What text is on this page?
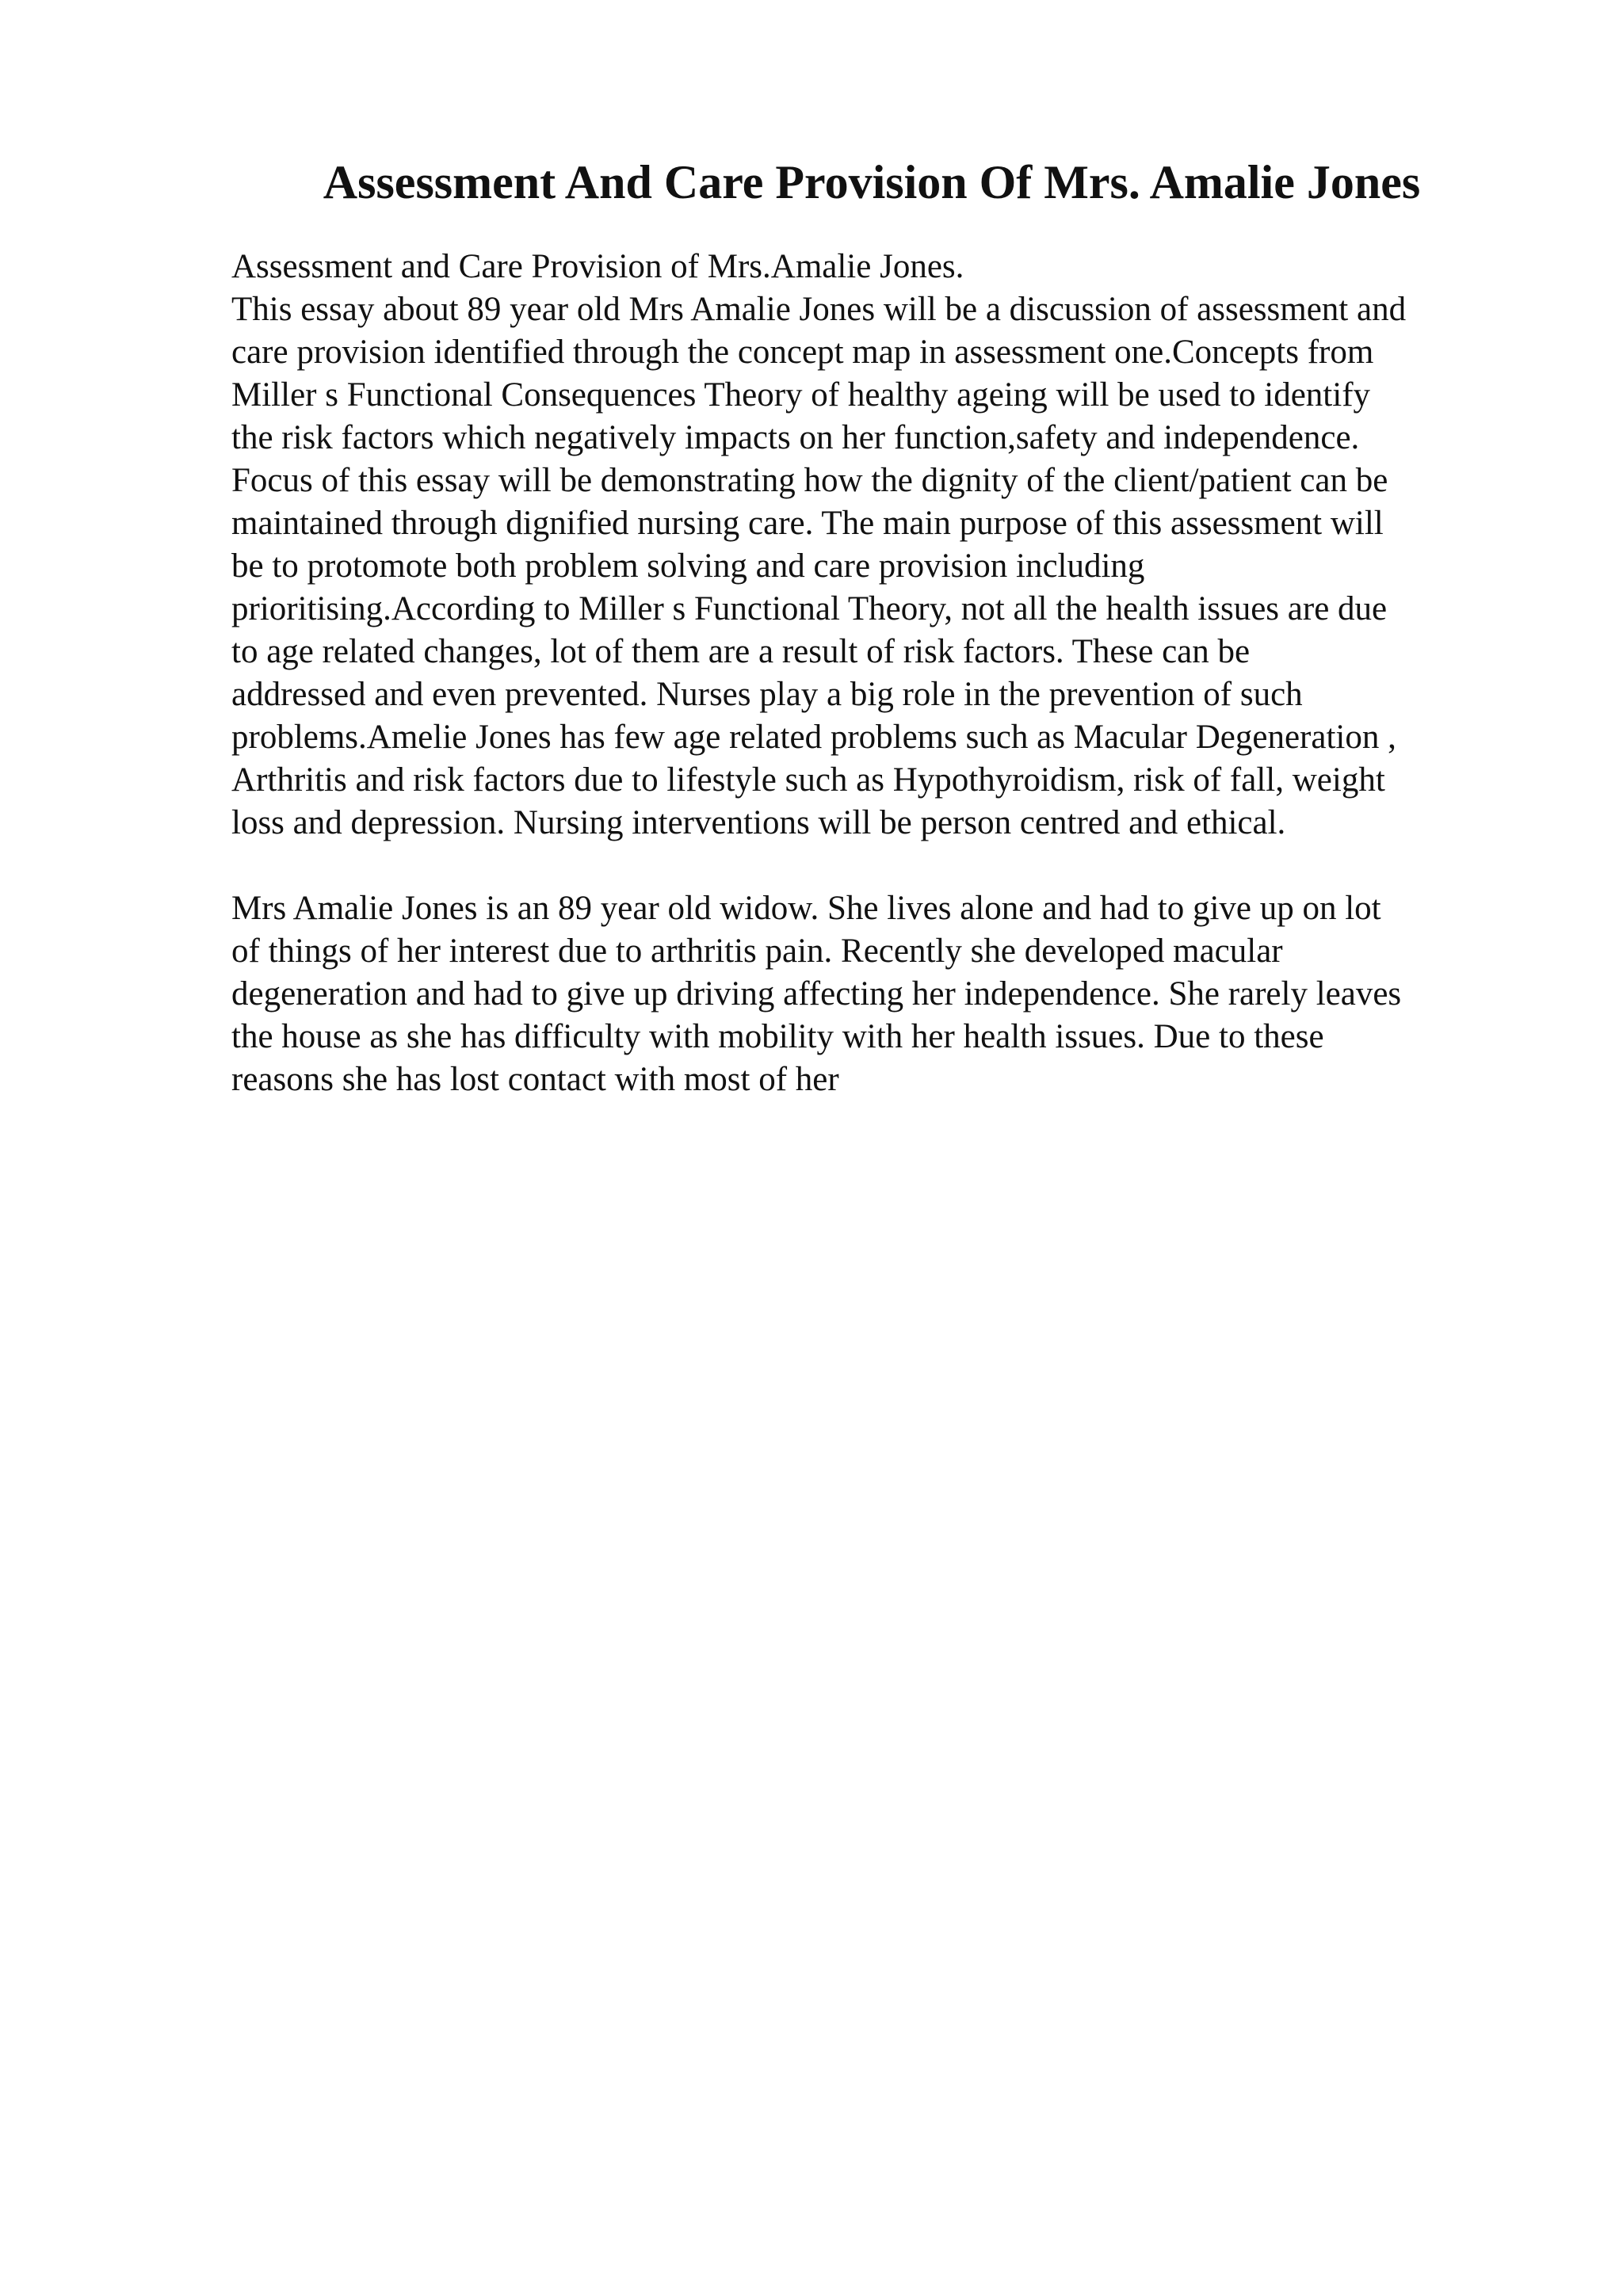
Assessment And Care Provision Of Mrs. Amalie Jones
Assessment and Care Provision of Mrs.Amalie Jones.
This essay about 89 year old Mrs Amalie Jones will be a discussion of assessment and
care provision identified through the concept map in assessment one.Concepts from
Miller s Functional Consequences Theory of healthy ageing will be used to identify
the risk factors which negatively impacts on her function,safety and independence.
Focus of this essay will be demonstrating how the dignity of the client/patient can be
maintained through dignified nursing care. The main purpose of this assessment will
be to protomote both problem solving and care provision including
prioritising.According to Miller s Functional Theory, not all the health issues are due
to age related changes, lot of them are a result of risk factors. These can be
addressed and even prevented. Nurses play a big role in the prevention of such
problems.Amelie Jones has few age related problems such as Macular Degeneration ,
Arthritis and risk factors due to lifestyle such as Hypothyroidism, risk of fall, weight
loss and depression. Nursing interventions will be person centred and ethical.
Mrs Amalie Jones is an 89 year old widow. She lives alone and had to give up on lot
of things of her interest due to arthritis pain. Recently she developed macular
degeneration and had to give up driving affecting her independence. She rarely leaves
the house as she has difficulty with mobility with her health issues. Due to these
reasons she has lost contact with most of her
